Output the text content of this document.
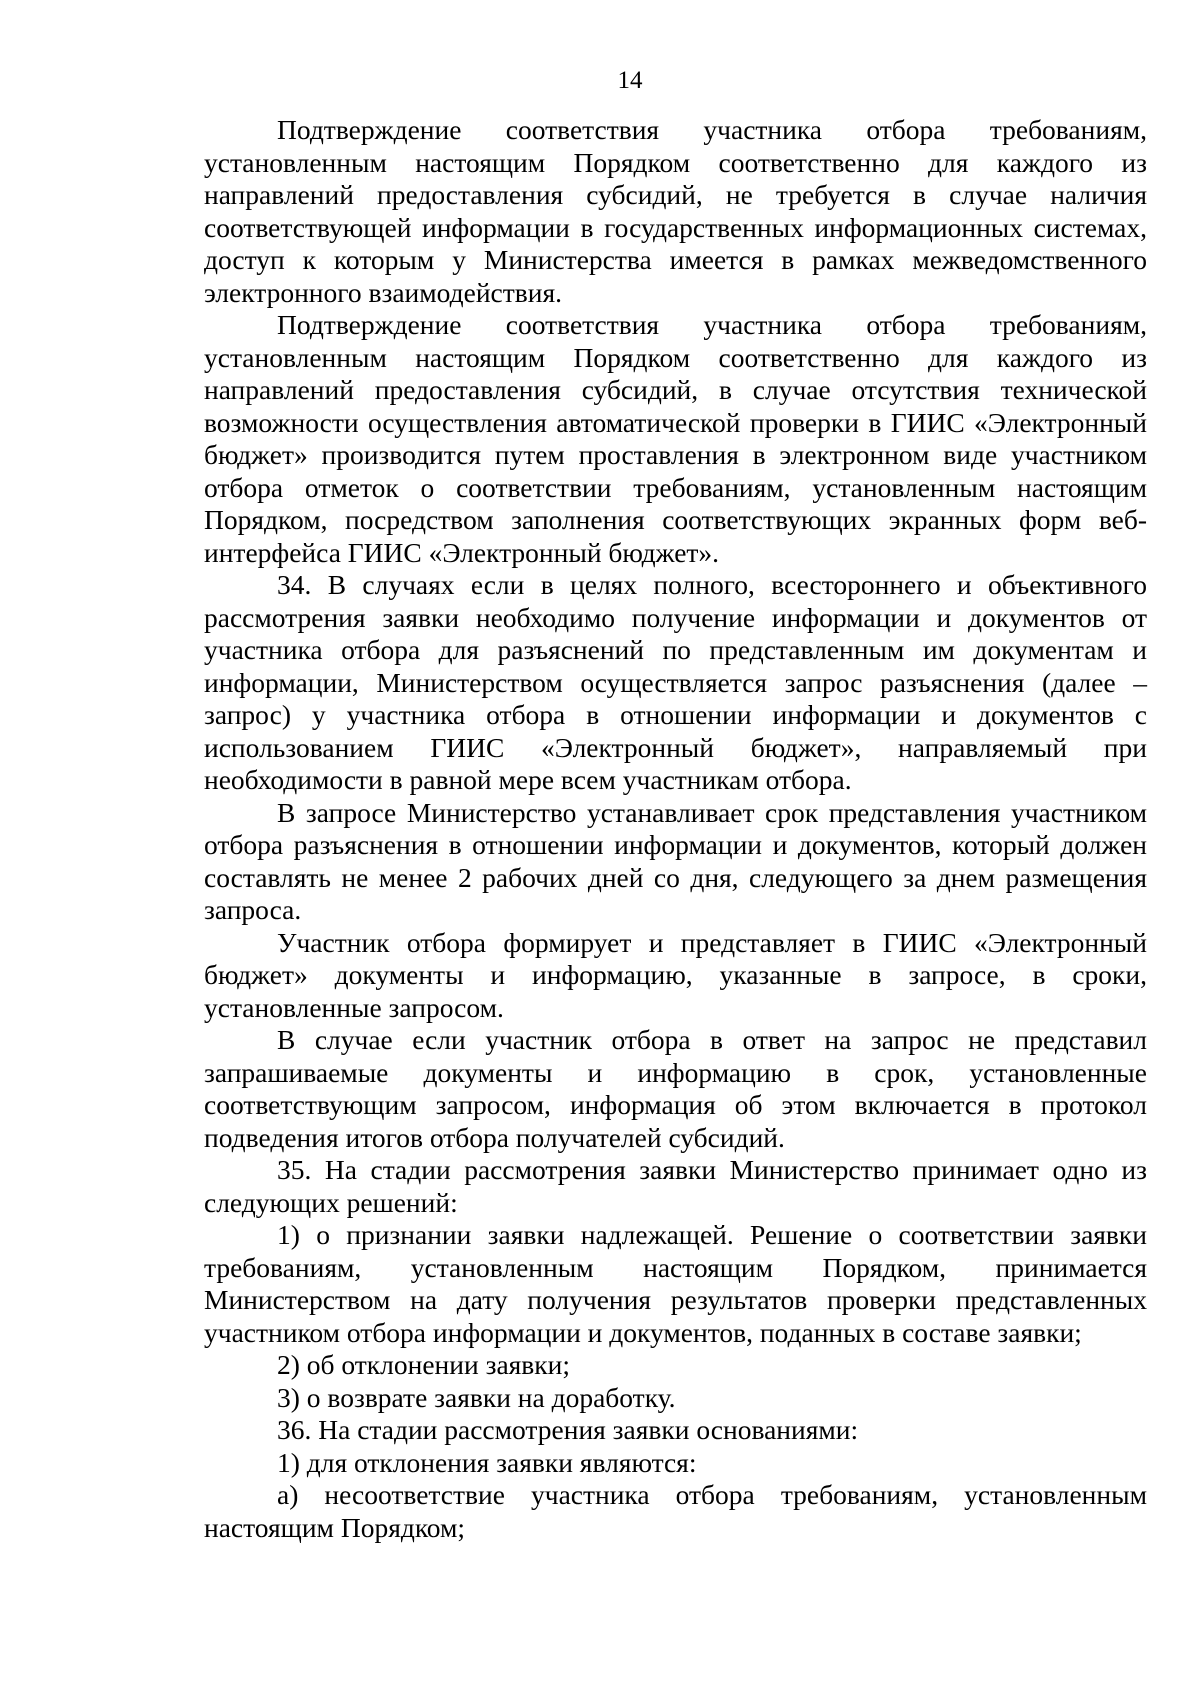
14

Подтверждение соответствия участника отбора требованиям, установленным настоящим Порядком соответственно для каждого из направлений предоставления субсидий, не требуется в случае наличия соответствующей информации в государственных информационных системах, доступ к которым у Министерства имеется в рамках межведомственного электронного взаимодействия.

Подтверждение соответствия участника отбора требованиям, установленным настоящим Порядком соответственно для каждого из направлений предоставления субсидий, в случае отсутствия технической возможности осуществления автоматической проверки в ГИИС «Электронный бюджет» производится путем проставления в электронном виде участником отбора отметок о соответствии требованиям, установленным настоящим Порядком, посредством заполнения соответствующих экранных форм веб-интерфейса ГИИС «Электронный бюджет».

34. В случаях если в целях полного, всестороннего и объективного рассмотрения заявки необходимо получение информации и документов от участника отбора для разъяснений по представленным им документам и информации, Министерством осуществляется запрос разъяснения (далее – запрос) у участника отбора в отношении информации и документов с использованием ГИИС «Электронный бюджет», направляемый при необходимости в равной мере всем участникам отбора.

В запросе Министерство устанавливает срок представления участником отбора разъяснения в отношении информации и документов, который должен составлять не менее 2 рабочих дней со дня, следующего за днем размещения запроса.

Участник отбора формирует и представляет в ГИИС «Электронный бюджет» документы и информацию, указанные в запросе, в сроки, установленные запросом.

В случае если участник отбора в ответ на запрос не представил запрашиваемые документы и информацию в срок, установленные соответствующим запросом, информация об этом включается в протокол подведения итогов отбора получателей субсидий.

35. На стадии рассмотрения заявки Министерство принимает одно из следующих решений:

1) о признании заявки надлежащей. Решение о соответствии заявки требованиям, установленным настоящим Порядком, принимается Министерством на дату получения результатов проверки представленных участником отбора информации и документов, поданных в составе заявки;

2) об отклонении заявки;

3) о возврате заявки на доработку.

36. На стадии рассмотрения заявки основаниями:

1) для отклонения заявки являются:

а) несоответствие участника отбора требованиям, установленным настоящим Порядком;
